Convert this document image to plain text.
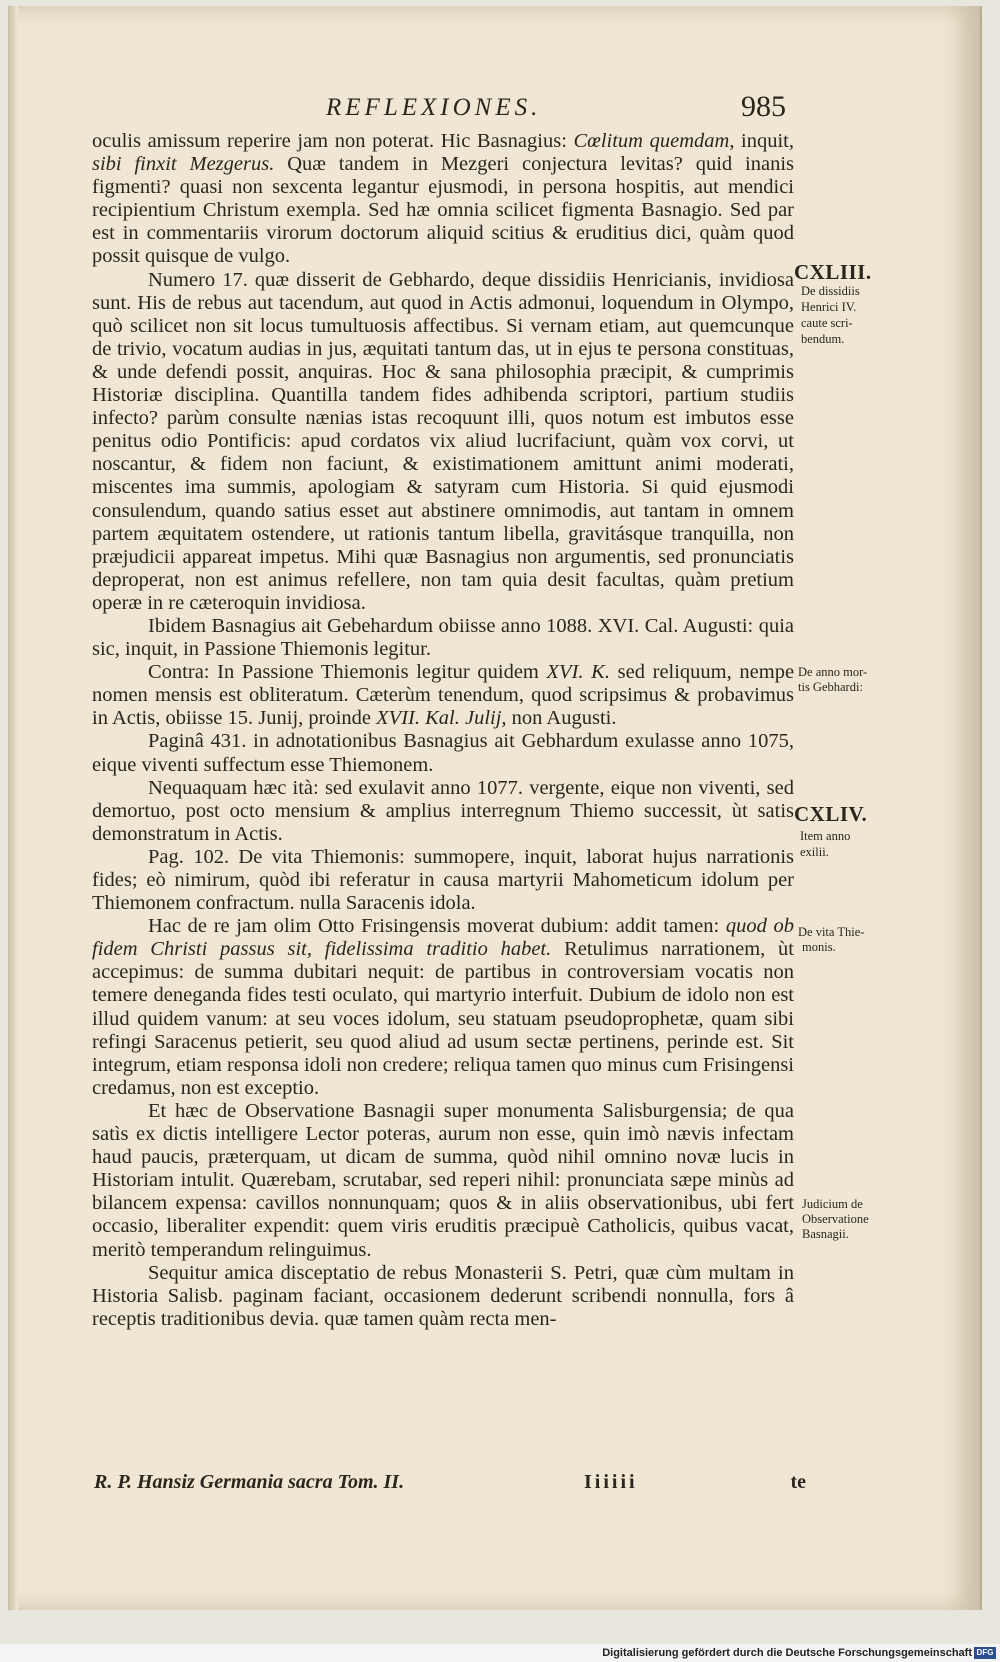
REFLEXIONES.	985

oculis amissum reperire jam non poterat. Hic Basnagius: Cœlitum quemdam, inquit, sibi finxit Mezgerus. Quæ tandem in Mezgeri conjectura levitas? quid inanis figmenti? quasi non sexcenta legantur ejusmodi, in persona hospitis, aut mendici recipientium Christum exempla. Sed hæ omnia scilicet figmenta Basnagio. Sed par est in commentariis virorum doctorum aliquid scitius & eruditius dici, quàm quod possit quisque de vulgo.

Numero 17. quæ disserit de Gebhardo, deque dissidiis Henricianis, invidiosa sunt. His de rebus aut tacendum, aut quod in Actis admonui, loquendum in Olympo, quò scilicet non sit locus tumultuosis affectibus. Si vernam etiam, aut quemcunque de trivio, vocatum audias in jus, æquitati tantum das, ut in ejus te persona constituas, & unde defendi possit, anquiras. Hoc & sana philosophia præcipit, & cumprimis Historiæ disciplina. Quantilla tandem fides adhibenda scriptori, partium studiis infecto? parùm consulte nænias istas recoquunt illi, quos notum est imbutos esse penitus odio Pontificis: apud cordatos vix aliud lucrifaciunt, quàm vox corvi, ut noscantur, & fidem non faciunt, & existimationem amittunt animi moderati, miscentes ima summis, apologiam & satyram cum Historia. Si quid ejusmodi consulendum, quando satius esset aut abstinere omnimodis, aut tantam in omnem partem æquitatem ostendere, ut rationis tantum libella, gravitásque tranquilla, non præjudicii appareat impetus. Mihi quæ Basnagius non argumentis, sed pronunciatis deproperat, non est animus refellere, non tam quia desit facultas, quàm pretium operæ in re cæteroquin invidiosa.

Ibidem Basnagius ait Gebehardum obiisse anno 1088. XVI. Cal. Augusti: quia sic, inquit, in Passione Thiemonis legitur.

Contra: In Passione Thiemonis legitur quidem XVI. K. sed reliquum, nempe nomen mensis est obliteratum. Cæterùm tenendum, quod scripsimus & probavimus in Actis, obiisse 15. Junij, proinde XVII. Kal. Julij, non Augusti.

Paginâ 431. in adnotationibus Basnagius ait Gebhardum exulasse anno 1075, eique viventi suffectum esse Thiemonem.

Nequaquam hæc ità: sed exulavit anno 1077. vergente, eique non viventi, sed demortuo, post octo mensium & amplius interregnum Thiemo successit, ùt satis demonstratum in Actis.

Pag. 102. De vita Thiemonis: summopere, inquit, laborat hujus narrationis fides; eò nimirum, quòd ibi referatur in causa martyrii Mahometicum idolum per Thiemonem confractum. nulla Saracenis idola.

Hac de re jam olim Otto Frisingensis moverat dubium: addit tamen: quod ob fidem Christi passus sit, fidelissima traditio habet. Retulimus narrationem, ùt accepimus: de summa dubitari nequit: de partibus in controversiam vocatis non temere deneganda fides testi oculato, qui martyrio interfuit. Dubium de idolo non est illud quidem vanum: at seu voces idolum, seu statuam pseudoprophetæ, quam sibi refingi Saracenus petierit, seu quod aliud ad usum sectæ pertinens, perinde est. Sit integrum, etiam responsa idoli non credere; reliqua tamen quo minus cum Frisingensi credamus, non est exceptio.

Et hæc de Observatione Basnagii super monumenta Salisburgensia; de qua satìs ex dictis intelligere Lector poteras, aurum non esse, quin imò nævis infectam haud paucis, præterquam, ut dicam de summa, quòd nihil omnino novæ lucis in Historiam intulit. Quærebam, scrutabar, sed reperi nihil: pronunciata sæpe minùs ad bilancem expensa: cavillos nonnunquam; quos & in aliis observationibus, ubi fert occasio, liberaliter expendit: quem viris eruditis præcipuè Catholicis, quibus vacat, meritò temperandum relinguimus.

Sequitur amica disceptatio de rebus Monasterii S. Petri, quæ cùm multam in Historia Salisb. paginam faciant, occasionem dederunt scribendi nonnulla, fors â receptis traditionibus devia. quæ tamen quàm recta men-

CXLIII.
De dissidiis
Henrici IV.
caute scri-
bendum.
De anno mor-
tis Gebhardi:
CXLIV.
Item anno
exilii.
De vita Thie-
monis.
Judicium de
Observatione
Basnagii.
R. P. Hansiz Germania sacra Tom. II.	Iiiiii	te
Digitalisierung gefördert durch die Deutsche Forschungsgemeinschaft DFG
